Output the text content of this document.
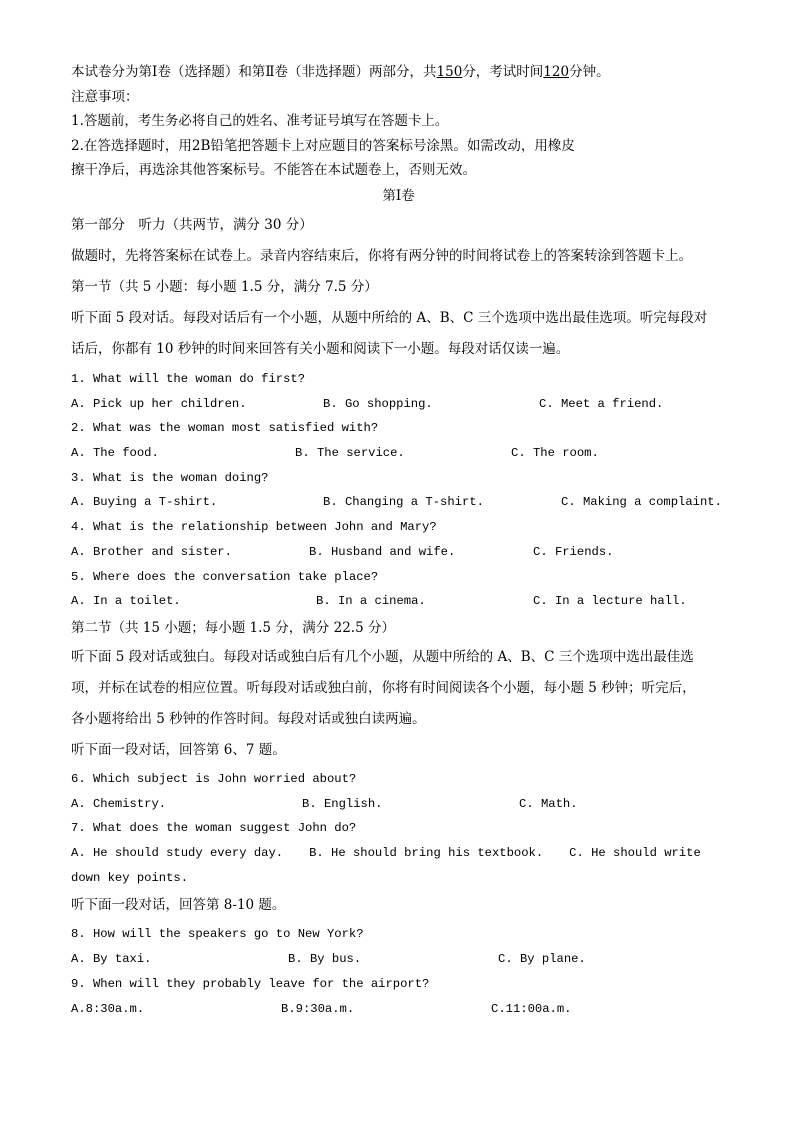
本试卷分为第Ⅰ卷（选择题）和第Ⅱ卷（非选择题）两部分，共150分，考试时间120分钟。
注意事项：
1.答题前，考生务必将自己的姓名、准考证号填写在答题卡上。
2.在答选择题时，用2B铅笔把答题卡上对应题目的答案标号涂黑。如需改动，用橡皮
擦干净后，再选涂其他答案标号。不能答在本试题卷上，否则无效。
第Ⅰ卷
第一部分　听力（共两节，满分 30 分）
做题时，先将答案标在试卷上。录音内容结束后，你将有两分钟的时间将试卷上的答案转涂到答题卡上。
第一节（共 5 小题：每小题 1.5 分，满分 7.5 分）
听下面 5 段对话。每段对话后有一个小题，从题中所给的 A、B、C 三个选项中选出最佳选项。听完每段对
话后，你都有 10 秒钟的时间来回答有关小题和阅读下一小题。每段对话仅读一遍。
1. What will the woman do first?

A. Pick up her children.

	B. Go shopping.

	C. Meet a friend.

2. What was the woman most satisfied with?

A. The food.

	B. The service.

	C. The room.

3. What is the woman doing?

A. Buying a T-shirt.

	B. Changing a T-shirt.

	C. Making a complaint.

4. What is the relationship between John and Mary?

A. Brother and sister.

	B. Husband and wife.

	C. Friends.

5. Where does the conversation take place?

A. In a toilet.

	B. In a cinema.

	C. In a lecture hall.

第二节（共 15 小题；每小题 1.5 分，满分 22.5 分）
听下面 5 段对话或独白。每段对话或独白后有几个小题，从题中所给的 A、B、C 三个选项中选出最佳选
项，并标在试卷的相应位置。听每段对话或独白前，你将有时间阅读各个小题，每小题 5 秒钟；听完后，
各小题将给出 5 秒钟的作答时间。每段对话或独白读两遍。
听下面一段对话，回答第 6、7 题。
6. Which subject is John worried about?

A. Chemistry.

	B. English.

	C. Math.

7. What does the woman suggest John do?
A. He should study every day. B. He should bring his textbook. C. He should write down key points.
听下面一段对话，回答第 8-10 题。
8. How will the speakers go to New York?

A. By taxi.

	B. By bus.

	C. By plane.

9. When will they probably leave for the airport?

A.8:30a.m.

	B.9:30a.m.

	C.11:00a.m.
